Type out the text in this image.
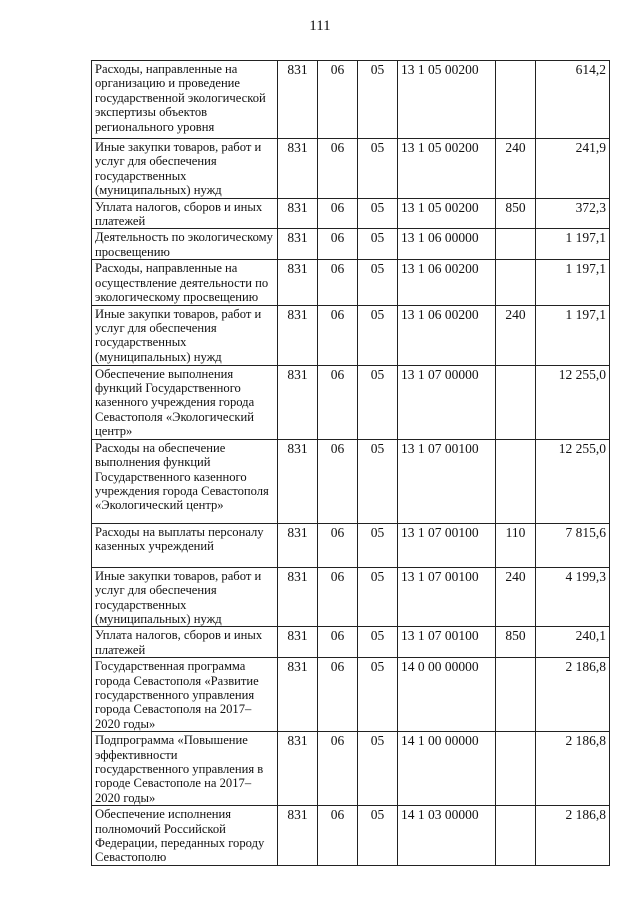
111
Расходы, направленные на организацию и проведение государственной экологической экспертизы объектов регионального уровня	831	06	05	13 1 05 00200		614,2
Иные закупки товаров, работ и услуг для обеспечения государственных (муниципальных) нужд	831	06	05	13 1 05 00200	240	241,9
Уплата налогов, сборов и иных платежей	831	06	05	13 1 05 00200	850	372,3
Деятельность по экологическому просвещению	831	06	05	13 1 06 00000		1 197,1
Расходы, направленные на осуществление деятельности по экологическому просвещению	831	06	05	13 1 06 00200		1 197,1
Иные закупки товаров, работ и услуг для обеспечения государственных (муниципальных) нужд	831	06	05	13 1 06 00200	240	1 197,1
Обеспечение выполнения функций Государственного казенного учреждения города Севастополя «Экологический центр»	831	06	05	13 1 07 00000		12 255,0
Расходы на обеспечение выполнения функций Государственного казенного учреждения города Севастополя «Экологический центр»	831	06	05	13 1 07 00100		12 255,0
Расходы на выплаты персоналу казенных учреждений	831	06	05	13 1 07 00100	110	7 815,6
Иные закупки товаров, работ и услуг для обеспечения государственных (муниципальных) нужд	831	06	05	13 1 07 00100	240	4 199,3
Уплата налогов, сборов и иных платежей	831	06	05	13 1 07 00100	850	240,1
Государственная программа города Севастополя «Развитие государственного управления города Севастополя на 2017–2020 годы»	831	06	05	14 0 00 00000		2 186,8
Подпрограмма «Повышение эффективности государственного управления в городе Севастополе на 2017–2020 годы»	831	06	05	14 1 00 00000		2 186,8
Обеспечение исполнения полномочий Российской Федерации, переданных городу Севастополю	831	06	05	14 1 03 00000		2 186,8
